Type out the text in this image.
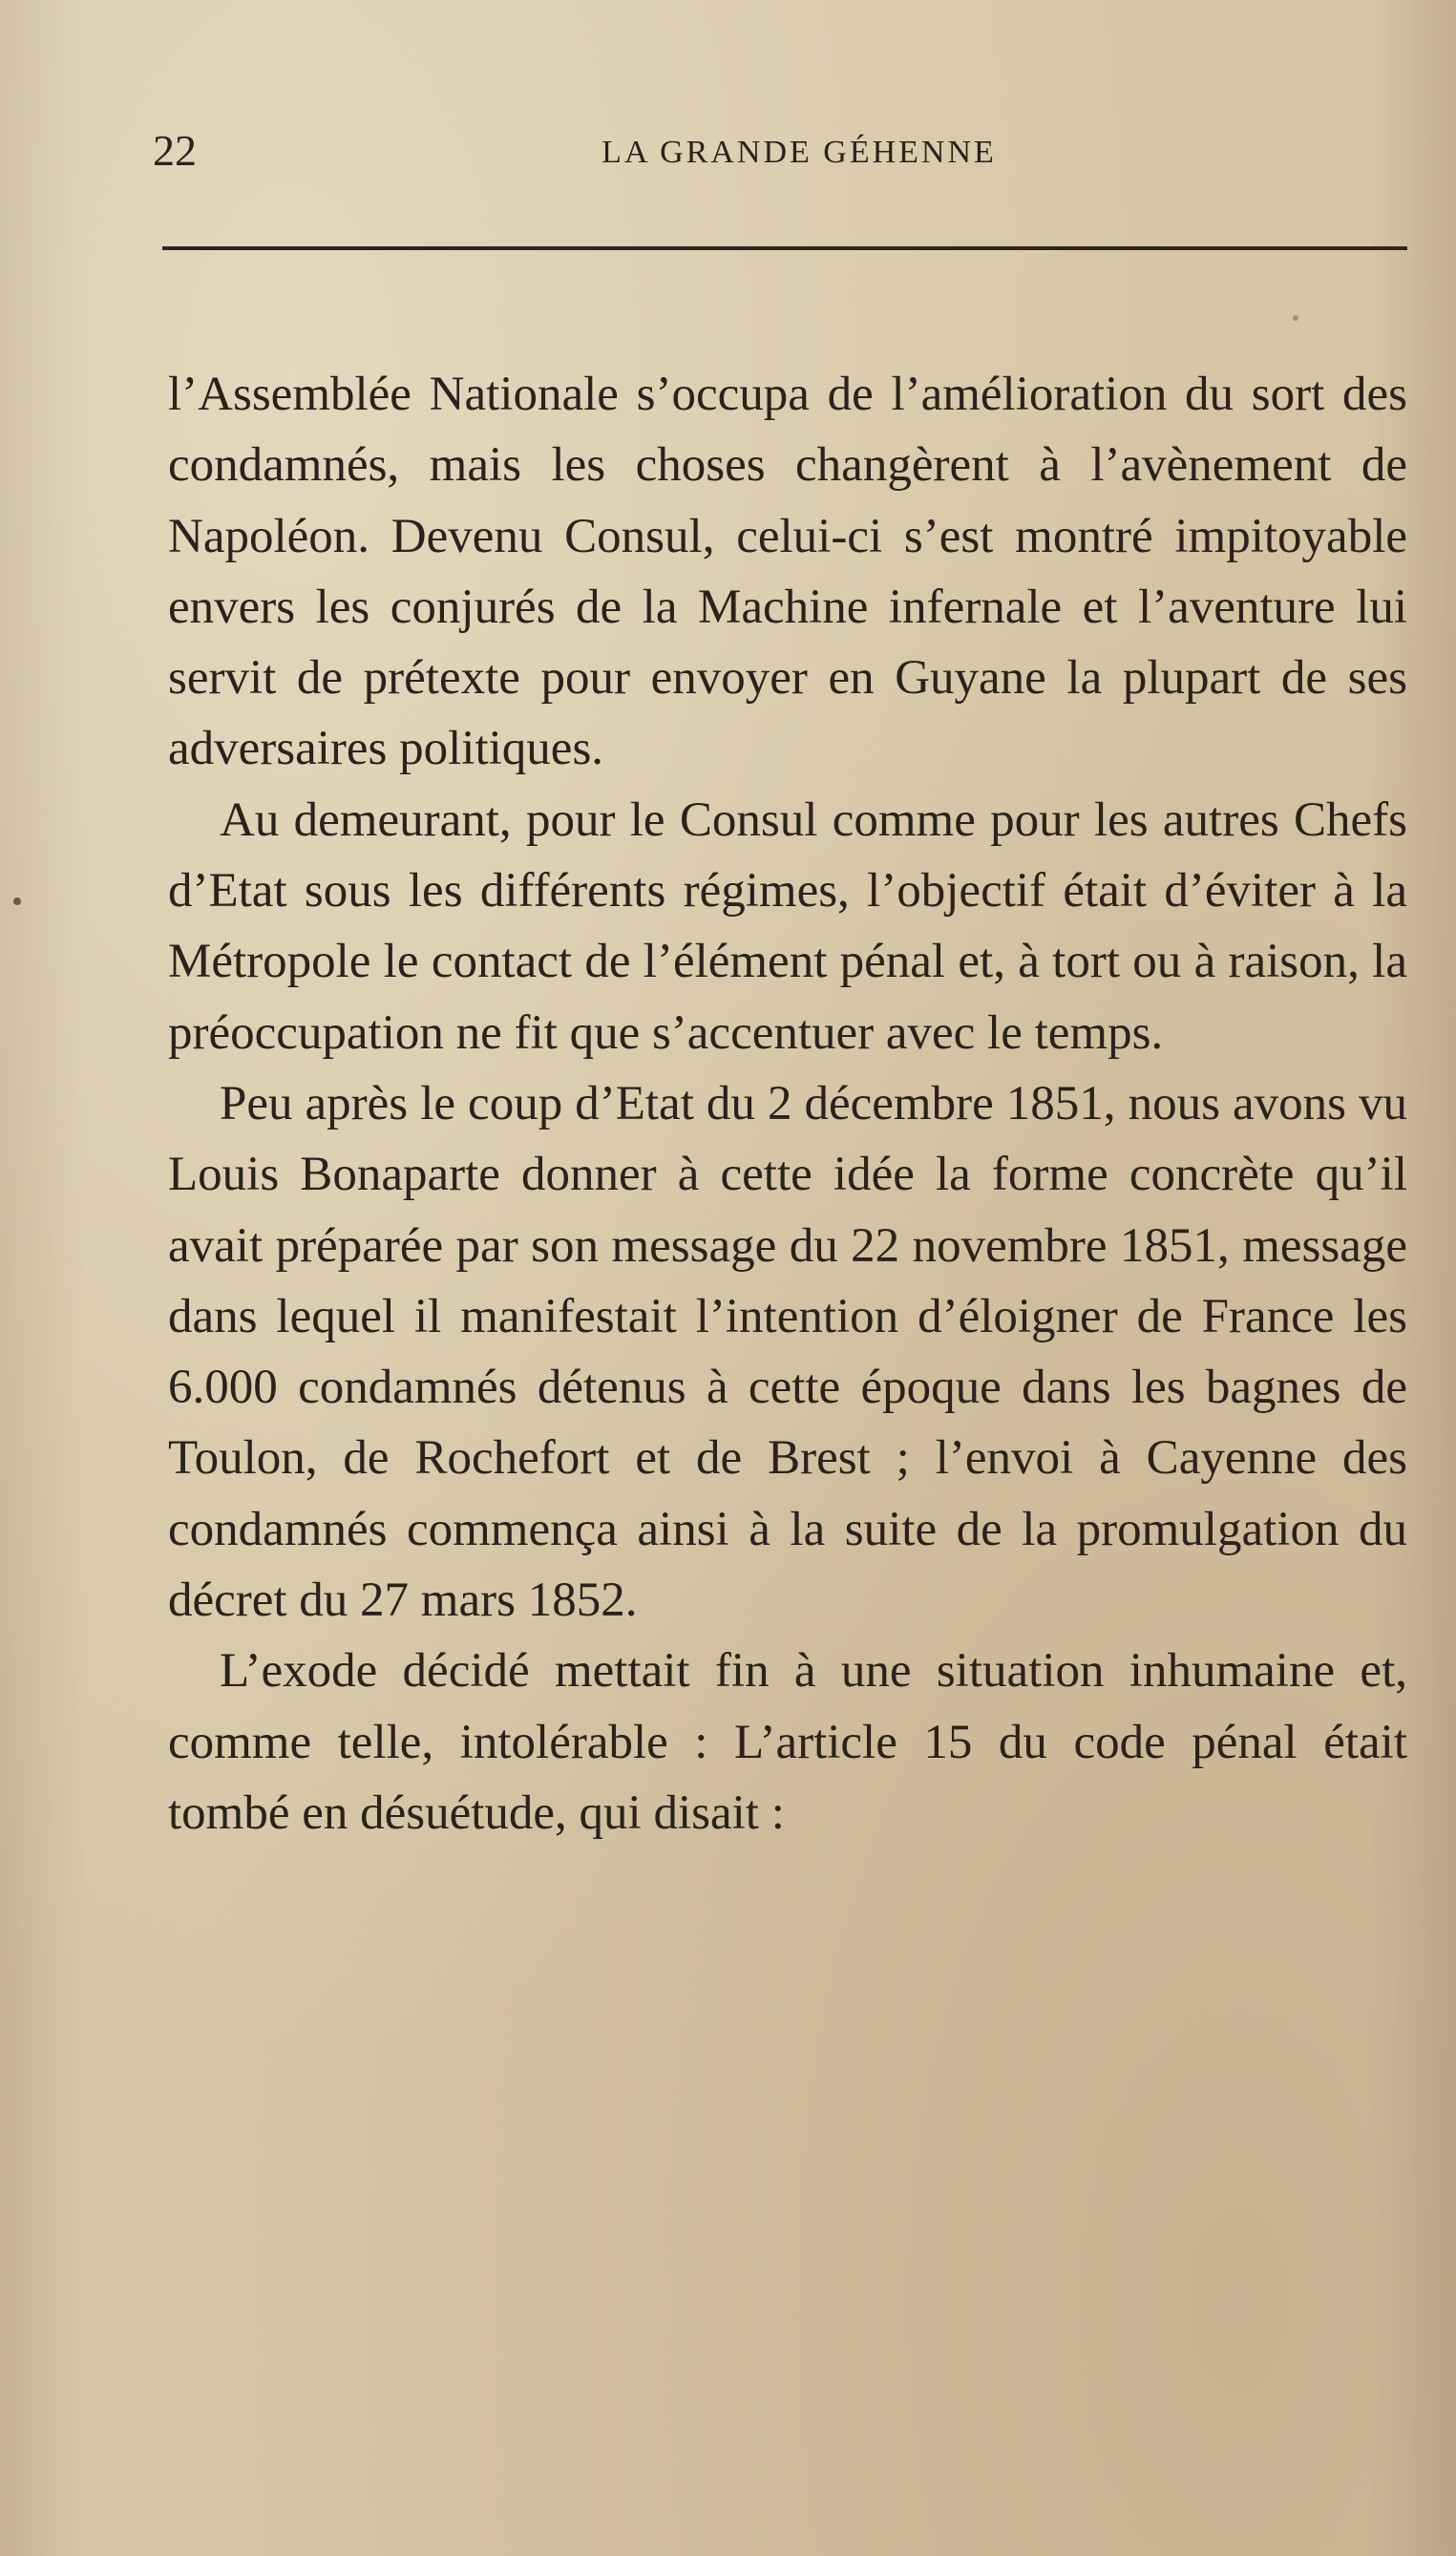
22	LA GRANDE GÉHENNE

l’Assemblée Nationale s’occupa de l’amélioration du sort des condamnés, mais les choses changèrent à l’avènement de Napoléon. Devenu Consul, celui-ci s’est montré impitoyable envers les conjurés de la Machine infernale et l’aventure lui servit de prétexte pour envoyer en Guyane la plupart de ses adversaires politiques.

Au demeurant, pour le Consul comme pour les autres Chefs d’Etat sous les différents régimes, l’objectif était d’éviter à la Métropole le contact de l’élément pénal et, à tort ou à raison, la préoccupation ne fit que s’accentuer avec le temps.

Peu après le coup d’Etat du 2 décembre 1851, nous avons vu Louis Bonaparte donner à cette idée la forme concrète qu’il avait préparée par son message du 22 novembre 1851, message dans lequel il manifestait l’intention d’éloigner de France les 6.000 condamnés détenus à cette époque dans les bagnes de Toulon, de Rochefort et de Brest ; l’envoi à Cayenne des condamnés commença ainsi à la suite de la promulgation du décret du 27 mars 1852.

L’exode décidé mettait fin à une situation inhumaine et, comme telle, intolérable : L’article 15 du code pénal était tombé en désuétude, qui disait :
